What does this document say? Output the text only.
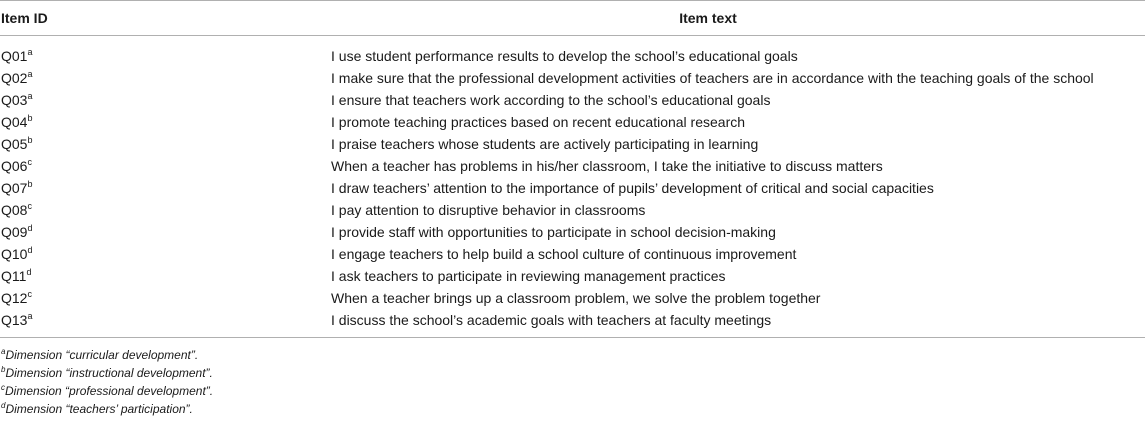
Item ID	Item text
Q01$^a$	I use student performance results to develop the school’s educational goals
Q02$^a$	I make sure that the professional development activities of teachers are in accordance with the teaching goals of the school
Q03$^a$	I ensure that teachers work according to the school’s educational goals
Q04$^b$	I promote teaching practices based on recent educational research
Q05$^b$	I praise teachers whose students are actively participating in learning
Q06$^c$	When a teacher has problems in his/her classroom, I take the initiative to discuss matters
Q07$^b$	I draw teachers’ attention to the importance of pupils’ development of critical and social capacities
Q08$^c$	I pay attention to disruptive behavior in classrooms
Q09$^d$	I provide staff with opportunities to participate in school decision-making
Q10$^d$	I engage teachers to help build a school culture of continuous improvement
Q11$^d$	I ask teachers to participate in reviewing management practices
Q12$^c$	When a teacher brings up a classroom problem, we solve the problem together
Q13$^a$	I discuss the school’s academic goals with teachers at faculty meetings
$^a$Dimension “curricular development”.
$^b$Dimension “instructional development”.
$^c$Dimension “professional development”.
$^d$Dimension “teachers’ participation”.
